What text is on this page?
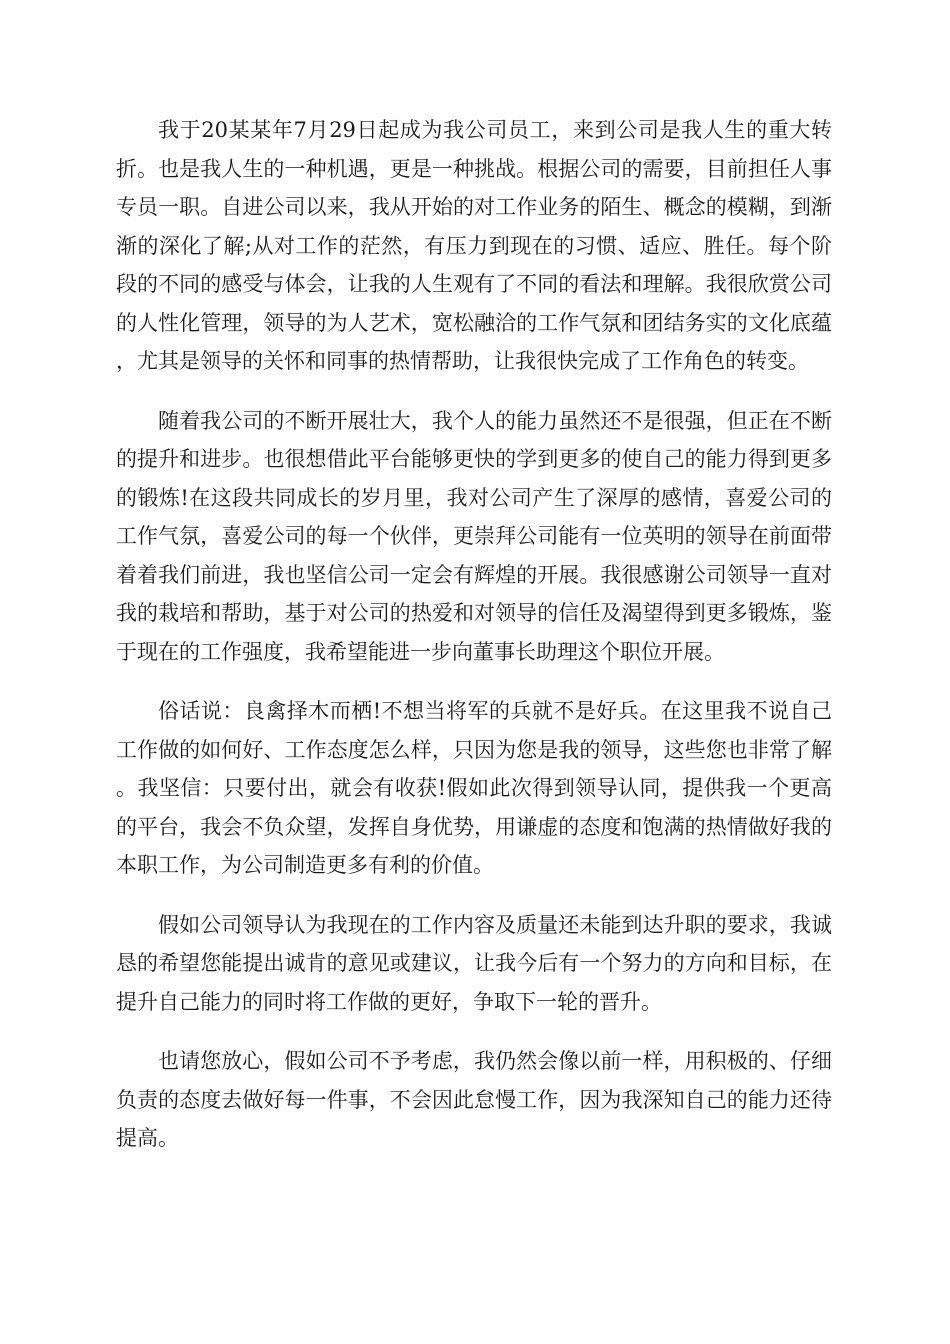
我于20某某年7月29日起成为我公司员工，来到公司是我人生的重大转折。也是我人生的一种机遇，更是一种挑战。根据公司的需要，目前担任人事专员一职。自进公司以来，我从开始的对工作业务的陌生、概念的模糊，到渐渐的深化了解;从对工作的茫然，有压力到现在的习惯、适应、胜任。每个阶段的不同的感受与体会，让我的人生观有了不同的看法和理解。我很欣赏公司的人性化管理，领导的为人艺术，宽松融洽的工作气氛和团结务实的文化底蕴，尤其是领导的关怀和同事的热情帮助，让我很快完成了工作角色的转变。

随着我公司的不断开展壮大，我个人的能力虽然还不是很强，但正在不断的提升和进步。也很想借此平台能够更快的学到更多的使自己的能力得到更多的锻炼!在这段共同成长的岁月里，我对公司产生了深厚的感情，喜爱公司的工作气氛，喜爱公司的每一个伙伴，更崇拜公司能有一位英明的领导在前面带着着我们前进，我也坚信公司一定会有辉煌的开展。我很感谢公司领导一直对我的栽培和帮助，基于对公司的热爱和对领导的信任及渴望得到更多锻炼，鉴于现在的工作强度，我希望能进一步向董事长助理这个职位开展。

俗话说：良禽择木而栖!不想当将军的兵就不是好兵。在这里我不说自己工作做的如何好、工作态度怎么样，只因为您是我的领导，这些您也非常了解。我坚信：只要付出，就会有收获!假如此次得到领导认同，提供我一个更高的平台，我会不负众望，发挥自身优势，用谦虚的态度和饱满的热情做好我的本职工作，为公司制造更多有利的价值。

假如公司领导认为我现在的工作内容及质量还未能到达升职的要求，我诚恳的希望您能提出诚肯的意见或建议，让我今后有一个努力的方向和目标，在提升自己能力的同时将工作做的更好，争取下一轮的晋升。

也请您放心，假如公司不予考虑，我仍然会像以前一样，用积极的、仔细负责的态度去做好每一件事，不会因此怠慢工作，因为我深知自己的能力还待提高。
